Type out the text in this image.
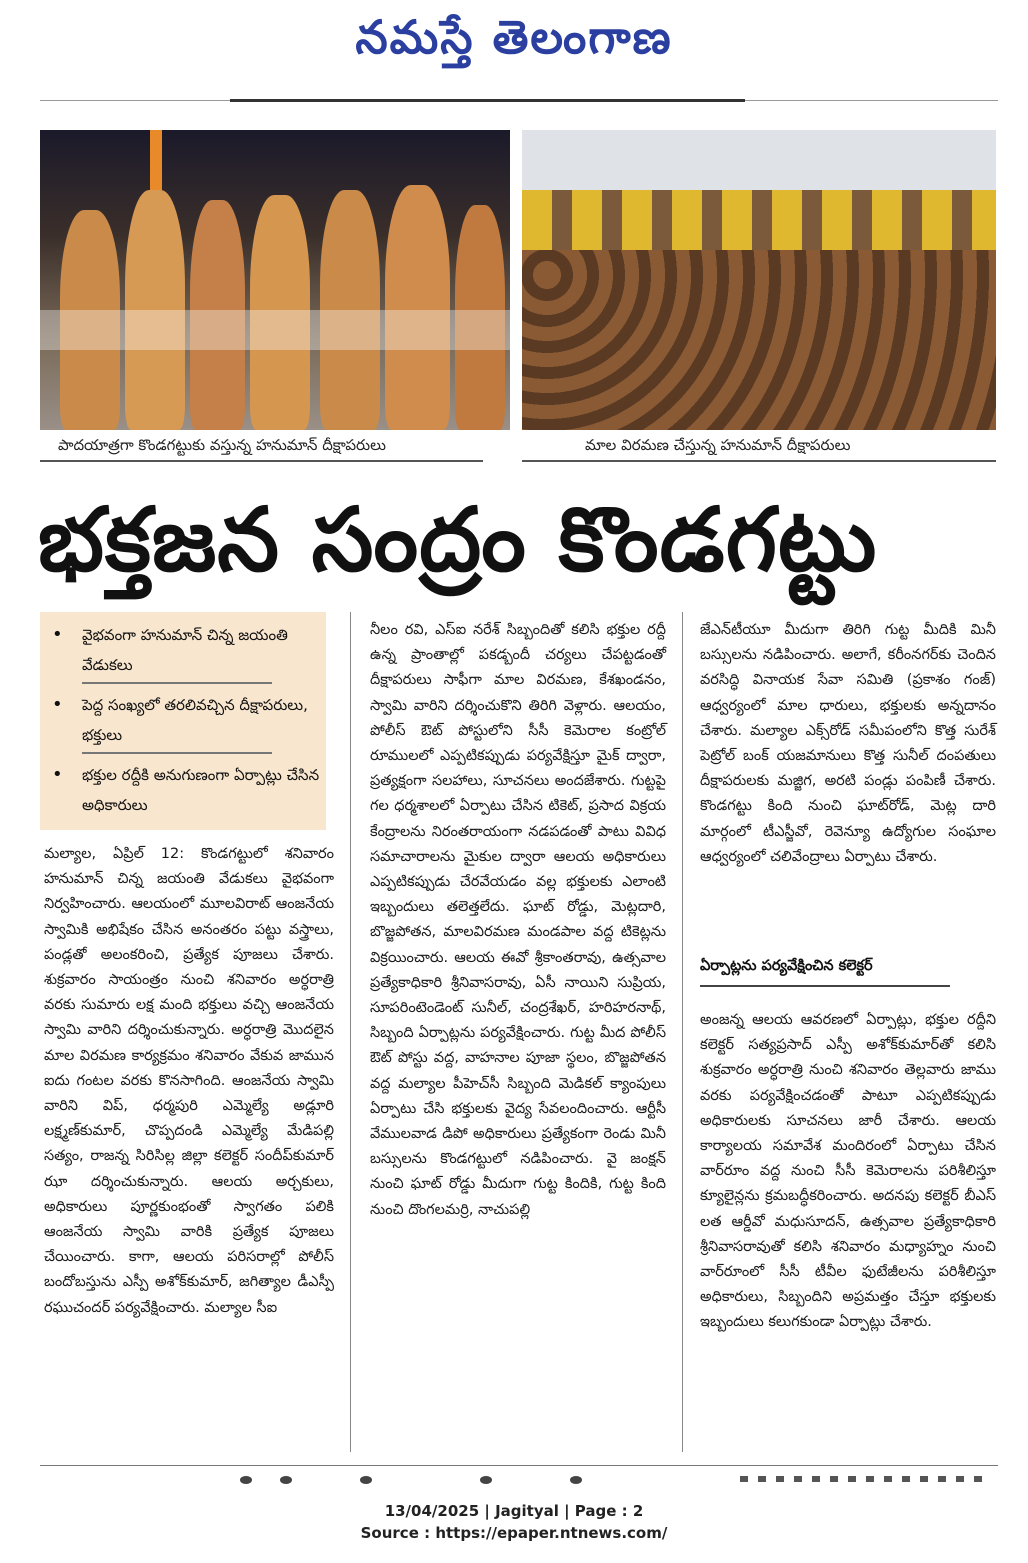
నమస్తే తెలంగాణ
పాదయాత్రగా కొండగట్టుకు వస్తున్న హనుమాన్ దీక్షాపరులు	మాల విరమణ చేస్తున్న హనుమాన్ దీక్షాపరులు
భక్తజన సంద్రం కొండగట్టు
• వైభవంగా హనుమాన్ చిన్న జయంతి వేడుకలు
• పెద్ద సంఖ్యలో తరలివచ్చిన దీక్షాపరులు, భక్తులు
• భక్తుల రద్దీకి అనుగుణంగా ఏర్పాట్లు చేసిన అధికారులు

మల్యాల, ఏప్రిల్ 12: కొండగట్టులో శనివారం హనుమాన్ చిన్న జయంతి వేడుకలు వైభవంగా నిర్వహించారు. ఆలయంలో మూలవిరాట్ ఆంజనేయ స్వామికి అభిషేకం చేసిన అనంతరం పట్టు వస్త్రాలు, పండ్లతో అలంకరించి, ప్రత్యేక పూజలు చేశారు. శుక్రవారం సాయంత్రం నుంచి శనివారం అర్ధరాత్రి వరకు సుమారు లక్ష మంది భక్తులు వచ్చి ఆంజనేయ స్వామి వారిని దర్శించుకున్నారు. అర్ధరాత్రి మొదలైన మాల విరమణ కార్యక్రమం శనివారం వేకువ జామున ఐదు గంటల వరకు కొనసాగింది. ఆంజనేయ స్వామి వారిని విప్, ధర్మపురి ఎమ్మెల్యే అడ్లూరి లక్ష్మణ్‌కుమార్, చొప్పదండి ఎమ్మెల్యే మేడిపల్లి సత్యం, రాజన్న సిరిసిల్ల జిల్లా కలెక్టర్ సందీప్‌కుమార్ ఝా దర్శించుకున్నారు. ఆలయ అర్చకులు, అధికారులు పూర్ణకుంభంతో స్వాగతం పలికి ఆంజనేయ స్వామి వారికి ప్రత్యేక పూజలు చేయించారు. కాగా, ఆలయ పరిసరాల్లో పోలీస్ బందోబస్తును ఎస్పీ అశోక్‌కుమార్, జగిత్యాల డీఎస్పీ రఘుచందర్ పర్యవేక్షించారు. మల్యాల సీఐ

నీలం రవి, ఎస్ఐ నరేశ్ సిబ్బందితో కలిసి భక్తుల రద్దీ ఉన్న ప్రాంతాల్లో పకడ్బందీ చర్యలు చేపట్టడంతో దీక్షాపరులు సాఫీగా మాల విరమణ, కేశఖండనం, స్వామి వారిని దర్శించుకొని తిరిగి వెళ్లారు. ఆలయం, పోలీస్ ఔట్ పోస్టులోని సీసీ కెమెరాల కంట్రోల్ రూములలో ఎప్పటికప్పుడు పర్యవేక్షిస్తూ మైక్ ద్వారా, ప్రత్యక్షంగా సలహాలు, సూచనలు అందజేశారు. గుట్టపై గల ధర్మశాలలో ఏర్పాటు చేసిన టికెట్, ప్రసాద విక్రయ కేంద్రాలను నిరంతరాయంగా నడపడంతో పాటు వివిధ సమాచారాలను మైకుల ద్వారా ఆలయ అధికారులు ఎప్పటికప్పుడు చేరవేయడం వల్ల భక్తులకు ఎలాంటి ఇబ్బందులు తలెత్తలేదు. ఘాట్ రోడ్డు, మెట్లదారి, బొజ్జపోతన, మాలవిరమణ మండపాల వద్ద టికెట్లను విక్రయించారు. ఆలయ ఈవో శ్రీకాంతరావు, ఉత్సవాల ప్రత్యేకాధికారి శ్రీనివాసరావు, ఏసీ నాయిని సుప్రియ, సూపరింటెండెంట్ సునీల్, చంద్రశేఖర్, హరిహరనాథ్, సిబ్బంది ఏర్పాట్లను పర్యవేక్షించారు. గుట్ట మీద పోలీస్ ఔట్ పోస్టు వద్ద, వాహనాల పూజా స్థలం, బొజ్జపోతన వద్ద మల్యాల పీహెచ్‌సీ సిబ్బంది మెడికల్ క్యాంపులు ఏర్పాటు చేసి భక్తులకు వైద్య సేవలందించారు. ఆర్టీసీ వేములవాడ డిపో అధికారులు ప్రత్యేకంగా రెండు మినీ బస్సులను కొండగట్టులో నడిపించారు. వై జంక్షన్ నుంచి ఘాట్ రోడ్డు మీదుగా గుట్ట కిందికి, గుట్ట కింది నుంచి దొంగలమర్రి, నాచుపల్లి

జేఎన్‌టీయూ మీదుగా తిరిగి గుట్ట మీదికి మినీ బస్సులను నడిపించారు. అలాగే, కరీంనగర్‌కు చెందిన వరసిద్ధి వినాయక సేవా సమితి (ప్రకాశం గంజ్) ఆధ్వర్యంలో మాల ధారులు, భక్తులకు అన్నదానం చేశారు. మల్యాల ఎక్స్‌రోడ్ సమీపంలోని కొత్త సురేశ్ పెట్రోల్ బంక్ యజమానులు కొత్త సునీల్ దంపతులు దీక్షాపరులకు మజ్జిగ, అరటి పండ్లు పంపిణీ చేశారు. కొండగట్టు కింది నుంచి ఘాట్‌రోడ్, మెట్ల దారి మార్గంలో టీఎస్జీవో, రెవెన్యూ ఉద్యోగుల సంఘాల ఆధ్వర్యంలో చలివేంద్రాలు ఏర్పాటు చేశారు.

ఏర్పాట్లను పర్యవేక్షించిన కలెక్టర్

అంజన్న ఆలయ ఆవరణలో ఏర్పాట్లు, భక్తుల రద్దీని కలెక్టర్ సత్యప్రసాద్ ఎస్పీ అశోక్‌కుమార్‌తో కలిసి శుక్రవారం అర్ధరాత్రి నుంచి శనివారం తెల్లవారు జాము వరకు పర్యవేక్షించడంతో పాటూ ఎప్పటికప్పుడు అధికారులకు సూచనలు జారీ చేశారు. ఆలయ కార్యాలయ సమావేశ మందిరంలో ఏర్పాటు చేసిన వార్‌రూం వద్ద నుంచి సీసీ కెమెరాలను పరిశీలిస్తూ క్యూలైన్లను క్రమబద్ధీకరించారు. అదనపు కలెక్టర్ బీఎస్ లత ఆర్డీవో మధుసూదన్, ఉత్సవాల ప్రత్యేకాధికారి శ్రీనివాసరావుతో కలిసి శనివారం మధ్యాహ్నం నుంచి వార్‌రూంలో సీసీ టీవీల ఫుటేజీలను పరిశీలిస్తూ అధికారులు, సిబ్బందిని అప్రమత్తం చేస్తూ భక్తులకు ఇబ్బందులు కలుగకుండా ఏర్పాట్లు చేశారు.

13/04/2025 | Jagityal | Page : 2
Source : https://epaper.ntnews.com/
